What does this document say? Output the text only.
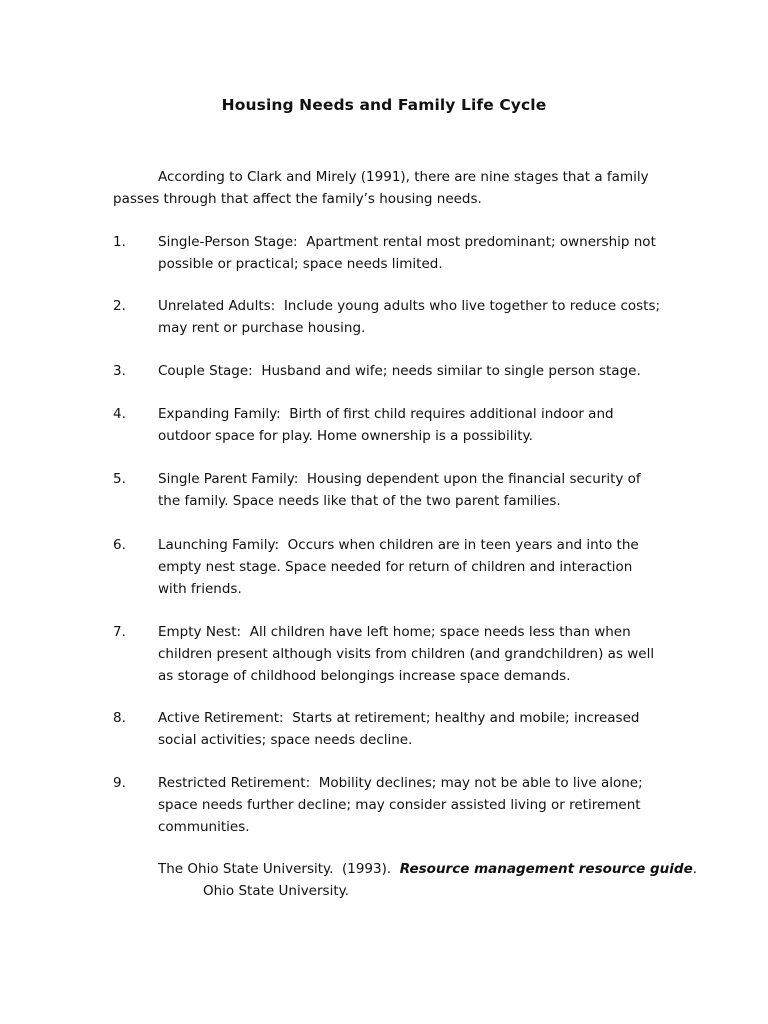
Housing Needs and Family Life Cycle
According to Clark and Mirely (1991), there are nine stages that a family passes through that affect the family’s housing needs.
1.	Single-Person Stage: Apartment rental most predominant; ownership not possible or practical; space needs limited.
2.	Unrelated Adults: Include young adults who live together to reduce costs; may rent or purchase housing.
3.	Couple Stage: Husband and wife; needs similar to single person stage.
4.	Expanding Family: Birth of first child requires additional indoor and outdoor space for play. Home ownership is a possibility.
5.	Single Parent Family: Housing dependent upon the financial security of the family. Space needs like that of the two parent families.
6.	Launching Family: Occurs when children are in teen years and into the empty nest stage. Space needed for return of children and interaction with friends.
7.	Empty Nest: All children have left home; space needs less than when children present although visits from children (and grandchildren) as well as storage of childhood belongings increase space demands.
8.	Active Retirement: Starts at retirement; healthy and mobile; increased social activities; space needs decline.
9.	Restricted Retirement: Mobility declines; may not be able to live alone; space needs further decline; may consider assisted living or retirement communities.
The Ohio State University. (1993). Resource management resource guide.  Ohio State University.
